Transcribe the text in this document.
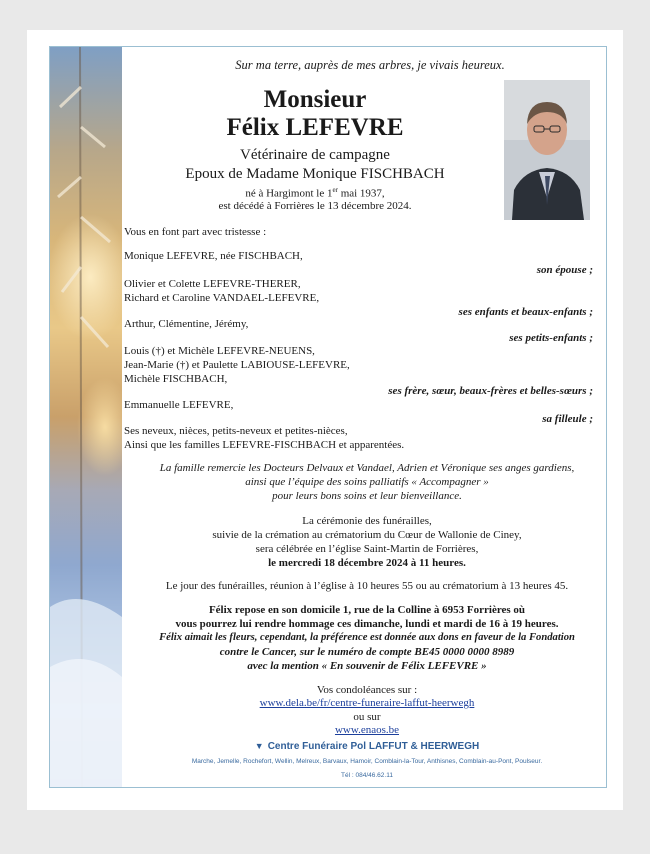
Sur ma terre, auprès de mes arbres, je vivais heureux.
Monsieur
Félix LEFEVRE
Vétérinaire de campagne
Epoux de Madame Monique FISCHBACH
né à Hargimont le 1er mai 1937,
est décédé à Forrières le 13 décembre 2024.
Vous en font part avec tristesse :
Monique LEFEVRE, née FISCHBACH,
son épouse ;
Olivier et Colette LEFEVRE-THERER,
Richard et Caroline VANDAEL-LEFEVRE,
ses enfants et beaux-enfants ;
Arthur, Clémentine, Jérémy,
ses petits-enfants ;
Louis (†) et Michèle LEFEVRE-NEUENS,
Jean-Marie (†) et Paulette LABIOUSE-LEFEVRE,
Michèle FISCHBACH,
ses frère, sœur, beaux-frères et belles-sœurs ;
Emmanuelle LEFEVRE,
sa filleule ;
Ses neveux, nièces, petits-neveux et petites-nièces,
Ainsi que les familles LEFEVRE-FISCHBACH et apparentées.
La famille remercie les Docteurs Delvaux et Vandael, Adrien et Véronique ses anges gardiens,
ainsi que l’équipe des soins palliatifs « Accompagner »
pour leurs bons soins et leur bienveillance.
La cérémonie des funérailles,
suivie de la crémation au crématorium du Cœur de Wallonie de Ciney,
sera célébrée en l’église Saint-Martin de Forrières,
le mercredi 18 décembre 2024 à 11 heures.
Le jour des funérailles, réunion à l’église à 10 heures 55 ou au crématorium à 13 heures 45.
Félix repose en son domicile 1, rue de la Colline à 6953 Forrières où
vous pourrez lui rendre hommage ces dimanche, lundi et mardi de 16 à 19 heures.
Félix aimait les fleurs, cependant, la préférence est donnée aux dons en faveur de la Fondation
contre le Cancer, sur le numéro de compte BE45 0000 0000 8989
avec la mention « En souvenir de Félix LEFEVRE »
Vos condoléances sur :
www.dela.be/fr/centre-funeraire-laffut-heerwegh
ou sur
www.enaos.be
▼ Centre Funéraire Pol LAFFUT & HEERWEGH
Marche, Jemelle, Rochefort, Wellin, Melreux, Barvaux, Hamoir, Comblain-la-Tour, Anthisnes, Comblain-au-Pont, Poulseur.
Tél : 084/46.62.11
